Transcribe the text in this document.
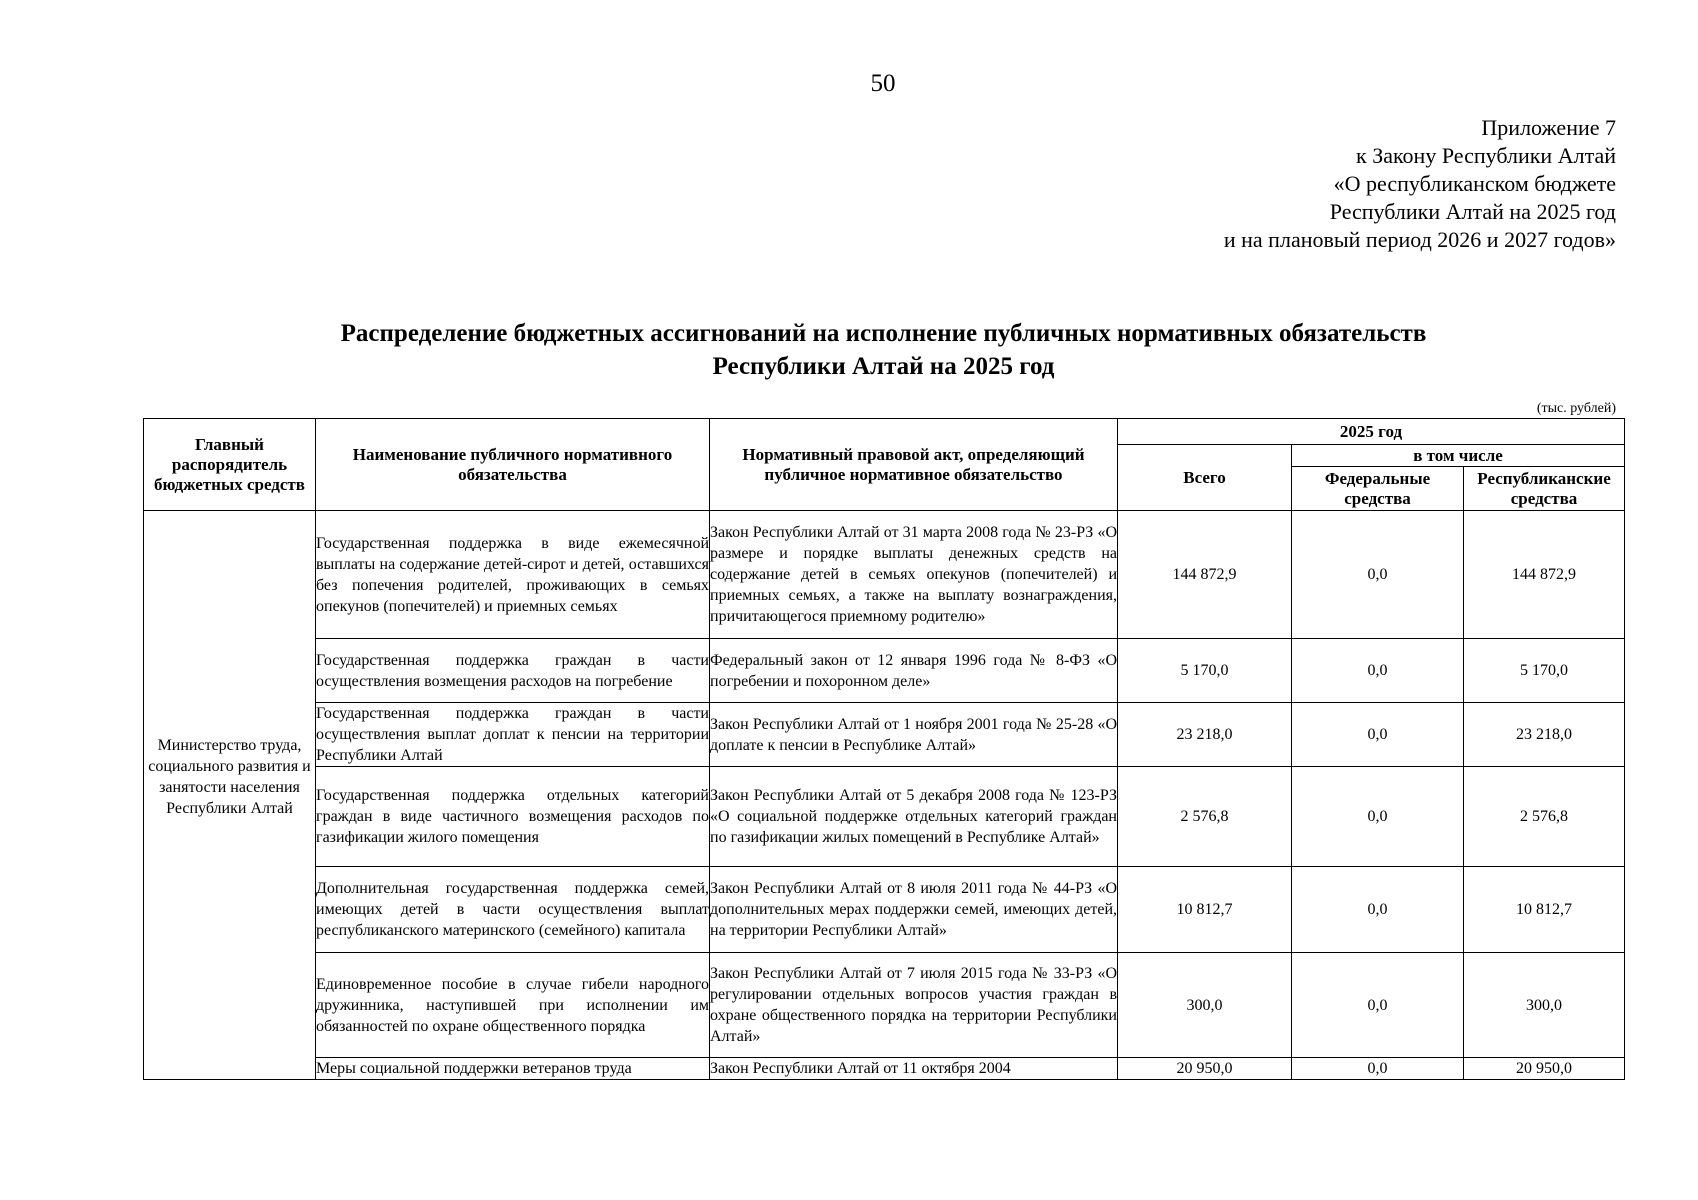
50
Приложение 7
к Закону Республики Алтай
«О республиканском бюджете
Республики Алтай на 2025 год
и на плановый период 2026 и 2027 годов»
Распределение бюджетных ассигнований на исполнение публичных нормативных обязательств
Республики Алтай на 2025 год
(тыс. рублей)
Главный распорядитель бюджетных средств	Наименование публичного нормативного обязательства	Нормативный правовой акт, определяющий публичное нормативное обязательство	2025 год		
			Всего	в том числе	
				Федеральные средства	Республиканские средства

Министерство труда, социального развития и занятости населения Республики Алтай	Государственная поддержка в виде ежемесячной выплаты на содержание детей-сирот и детей, оставшихся без попечения родителей, проживающих в семьях опекунов (попечителей) и приемных семьях	Закон Республики Алтай от 31 марта 2008 года № 23-РЗ «О размере и порядке выплаты денежных средств на содержание детей в семьях опекунов (попечителей) и приемных семьях, а также на выплату вознаграждения, причитающегося приемному родителю»	144 872,9	0,0	144 872,9
	Государственная поддержка граждан в части осуществления возмещения расходов на погребение	Федеральный закон от 12 января 1996 года № 8-ФЗ «О погребении и похоронном деле»	5 170,0	0,0	5 170,0
	Государственная поддержка граждан в части осуществления выплат доплат к пенсии на территории Республики Алтай	Закон Республики Алтай от 1 ноября 2001 года № 25-28 «О доплате к пенсии в Республике Алтай»	23 218,0	0,0	23 218,0
	Государственная поддержка отдельных категорий граждан в виде частичного возмещения расходов по газификации жилого помещения	Закон Республики Алтай от 5 декабря 2008 года № 123-РЗ «О социальной поддержке отдельных категорий граждан по газификации жилых помещений в Республике Алтай»	2 576,8	0,0	2 576,8
	Дополнительная государственная поддержка семей, имеющих детей в части осуществления выплат республиканского материнского (семейного) капитала	Закон Республики Алтай от 8 июля 2011 года № 44-РЗ «О дополнительных мерах поддержки семей, имеющих детей, на территории Республики Алтай»	10 812,7	0,0	10 812,7
	Единовременное пособие в случае гибели народного дружинника, наступившей при исполнении им обязанностей по охране общественного порядка	Закон Республики Алтай от 7 июля 2015 года № 33-РЗ «О регулировании отдельных вопросов участия граждан в охране общественного порядка на территории Республики Алтай»	300,0	0,0	300,0
	Меры социальной поддержки ветеранов труда	Закон Республики Алтай от 11 октября 2004	20 950,0	0,0	20 950,0
